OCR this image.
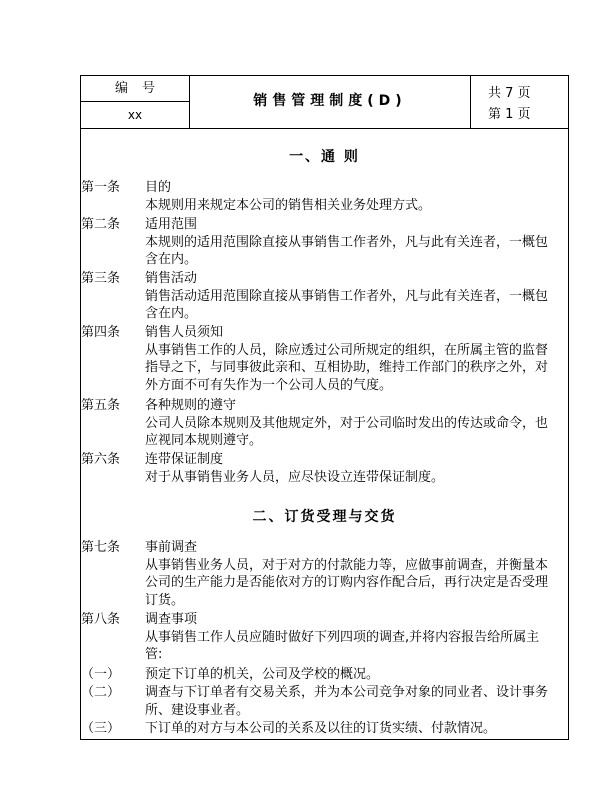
编号
xx
销售管理制度(D)	共 7 页
第 1 页
一、通 则
第一条	目的

本规则用来规定本公司的销售相关业务处理方式。

第二条	适用范围

本规则的适用范围除直接从事销售工作者外，凡与此有关连者，一概包含在内。

第三条	销售活动

销售活动适用范围除直接从事销售工作者外，凡与此有关连者，一概包含在内。

第四条	销售人员须知

从事销售工作的人员，除应透过公司所规定的组织，在所属主管的监督指导之下，与同事彼此亲和、互相协助，维持工作部门的秩序之外，对外方面不可有失作为一个公司人员的气度。

第五条	各种规则的遵守

公司人员除本规则及其他规定外，对于公司临时发出的传达或命令，也应视同本规则遵守。

第六条	连带保证制度

对于从事销售业务人员，应尽快设立连带保证制度。

二、订货受理与交货
第七条	事前调查

从事销售业务人员，对于对方的付款能力等，应做事前调查，并衡量本公司的生产能力是否能依对方的订购内容作配合后，再行决定是否受理订货。

第八条	调查事项

从事销售工作人员应随时做好下列四项的调查,并将内容报告给所属主管:

（一）	预定下订单的机关，公司及学校的概况。

（二）	调查与下订单者有交易关系，并为本公司竞争对象的同业者、设计事务所、建设事业者。

（三）	下订单的对方与本公司的关系及以往的订货实绩、付款情况。
